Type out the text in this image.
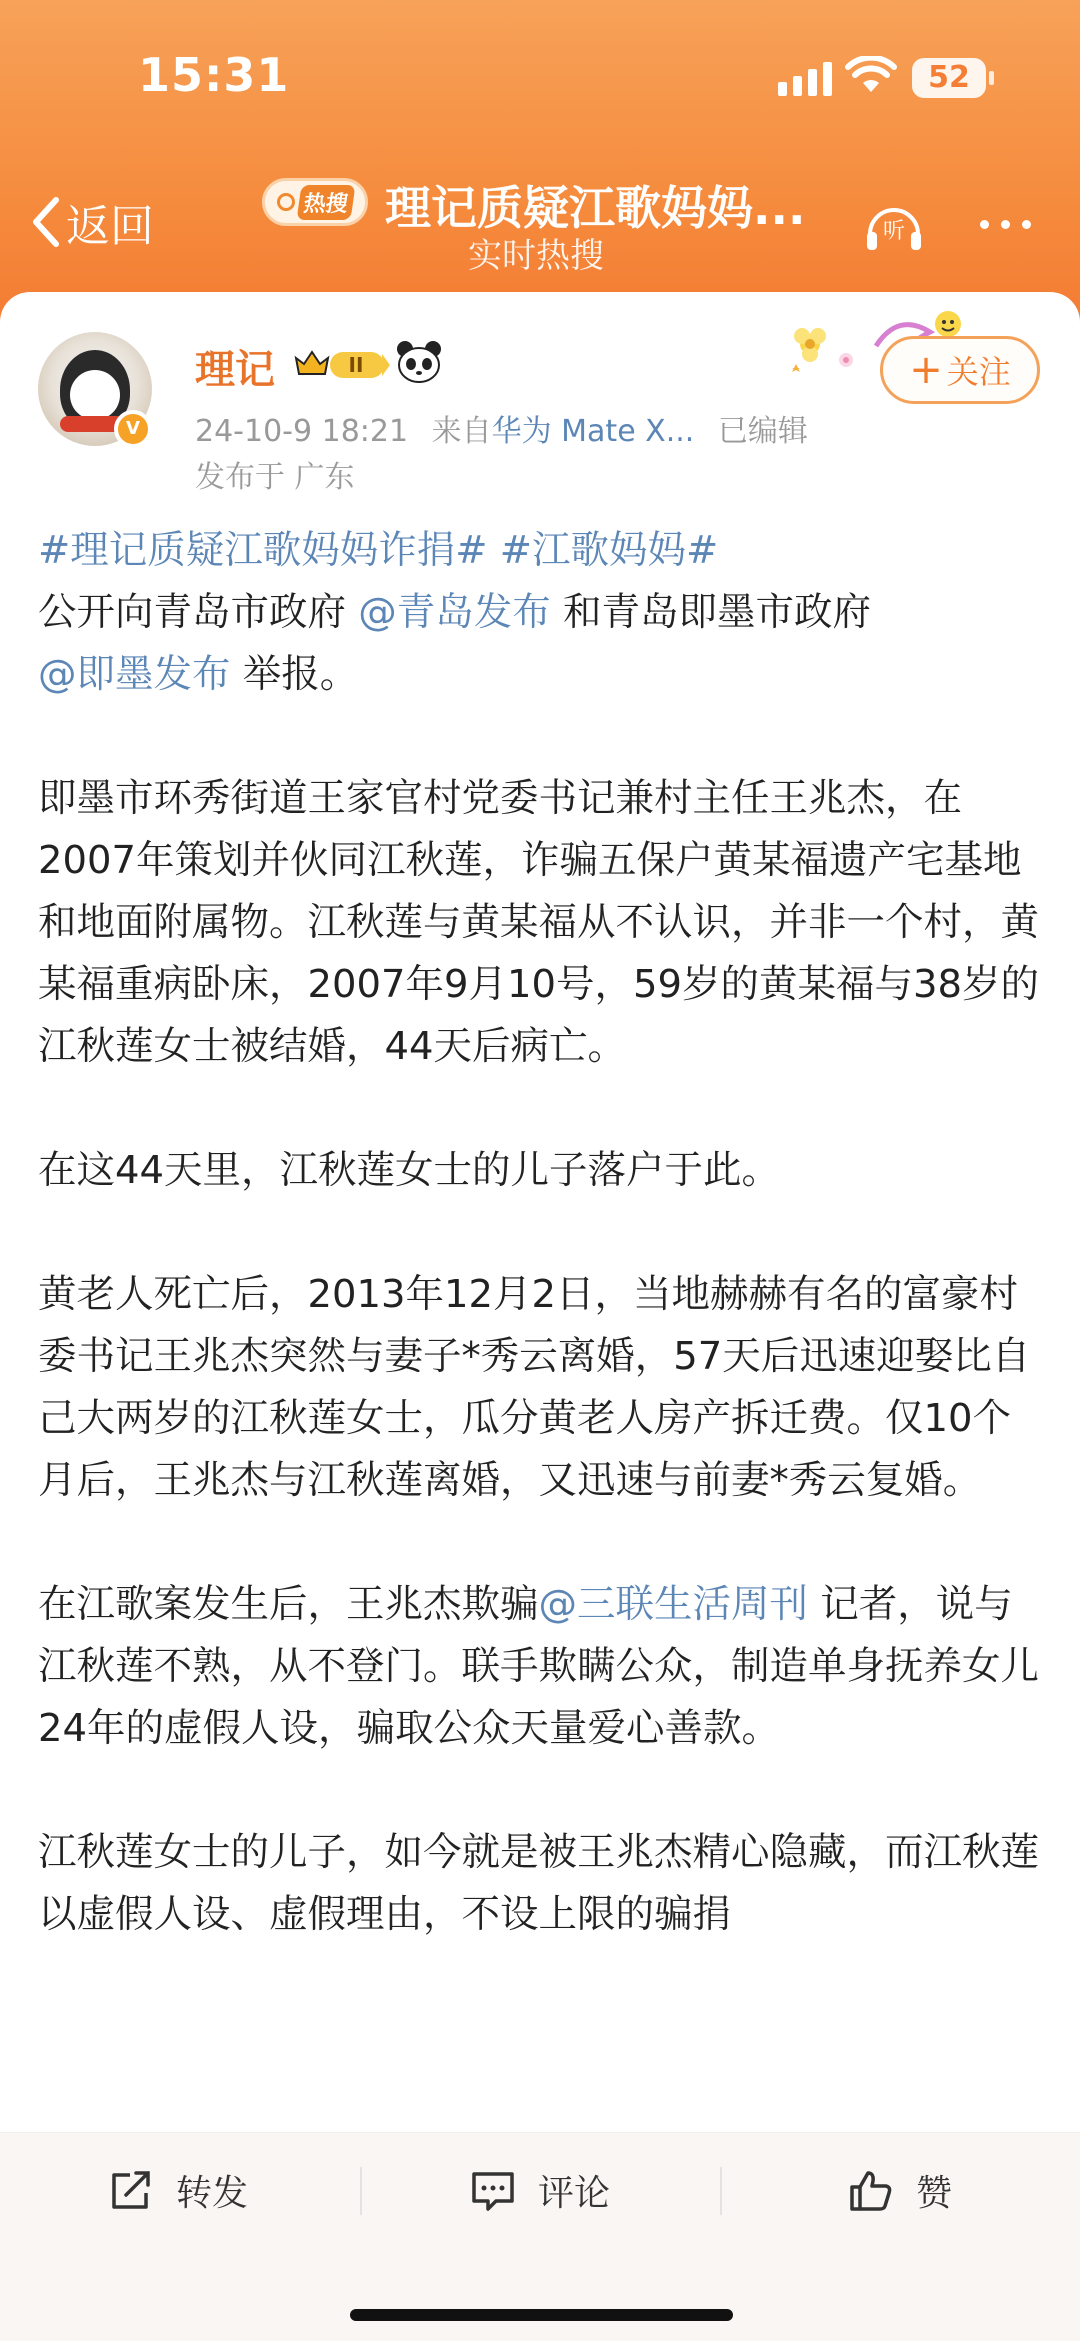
15:31	52
返回	热搜 理记质疑江歌妈妈...
实时热搜
听
V
理记	II
24-10-9 18:21 来自华为 Mate X... 已编辑
发布于 广东
+ 关注

#理记质疑江歌妈妈诈捐# #江歌妈妈#

公开向青岛市政府 @青岛发布 和青岛即墨市政府
@即墨发布 举报。

即墨市环秀街道王家官村党委书记兼村主任王兆杰，在2007年策划并伙同江秋莲，诈骗五保户黄某福遗产宅基地和地面附属物。江秋莲与黄某福从不认识，并非一个村，黄某福重病卧床，2007年9月10号，59岁的黄某福与38岁的江秋莲女士被结婚，44天后病亡。

在这44天里，江秋莲女士的儿子落户于此。

黄老人死亡后，2013年12月2日，当地赫赫有名的富豪村委书记王兆杰突然与妻子*秀云离婚，57天后迅速迎娶比自己大两岁的江秋莲女士，瓜分黄老人房产拆迁费。仅10个月后，王兆杰与江秋莲离婚，又迅速与前妻*秀云复婚。

在江歌案发生后，王兆杰欺骗@三联生活周刊 记者，说与江秋莲不熟，从不登门。联手欺瞒公众，制造单身抚养女儿24年的虚假人设，骗取公众天量爱心善款。

江秋莲女士的儿子，如今就是被王兆杰精心隐藏，而江秋莲以虚假人设、虚假理由，不设上限的骗捐

转发	评论	赞
